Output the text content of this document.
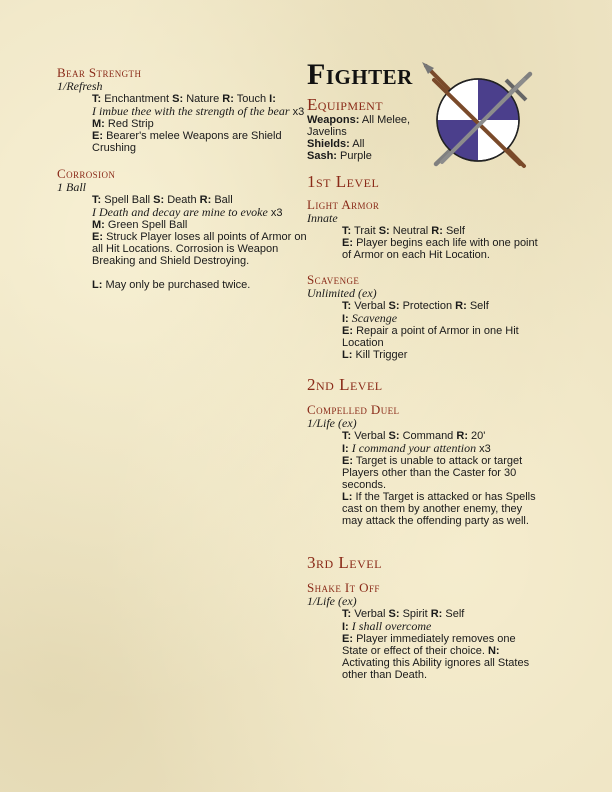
Bear Strength
1/Refresh
T: Enchantment S: Nature R: Touch I:
I imbue thee with the strength of the bear x3
M: Red Strip
E: Bearer's melee Weapons are Shield Crushing
Corrosion
1 Ball
T: Spell Ball S: Death R: Ball
I Death and decay are mine to evoke x3
M: Green Spell Ball
E: Struck Player loses all points of Armor on all Hit Locations. Corrosion is Weapon Breaking and Shield Destroying.
L: May only be purchased twice.
Fighter
Equipment
Weapons: All Melee, Javelins
Shields: All
Sash: Purple
1st Level
Light Armor
Innate
T: Trait S: Neutral R: Self
E: Player begins each life with one point of Armor on each Hit Location.
Scavenge
Unlimited (ex)
T: Verbal S: Protection R: Self
I: Scavenge
E: Repair a point of Armor in one Hit Location
L: Kill Trigger
2nd Level
Compelled Duel
1/Life (ex)
T: Verbal S: Command R: 20'
I: I command your attention x3
E: Target is unable to attack or target Players other than the Caster for 30 seconds.
L: If the Target is attacked or has Spells cast on them by another enemy, they may attack the offending party as well.
3rd Level
Shake It Off
1/Life (ex)
T: Verbal S: Spirit R: Self
I: I shall overcome
E: Player immediately removes one State or effect of their choice. N: Activating this Ability ignores all States other than Death.
